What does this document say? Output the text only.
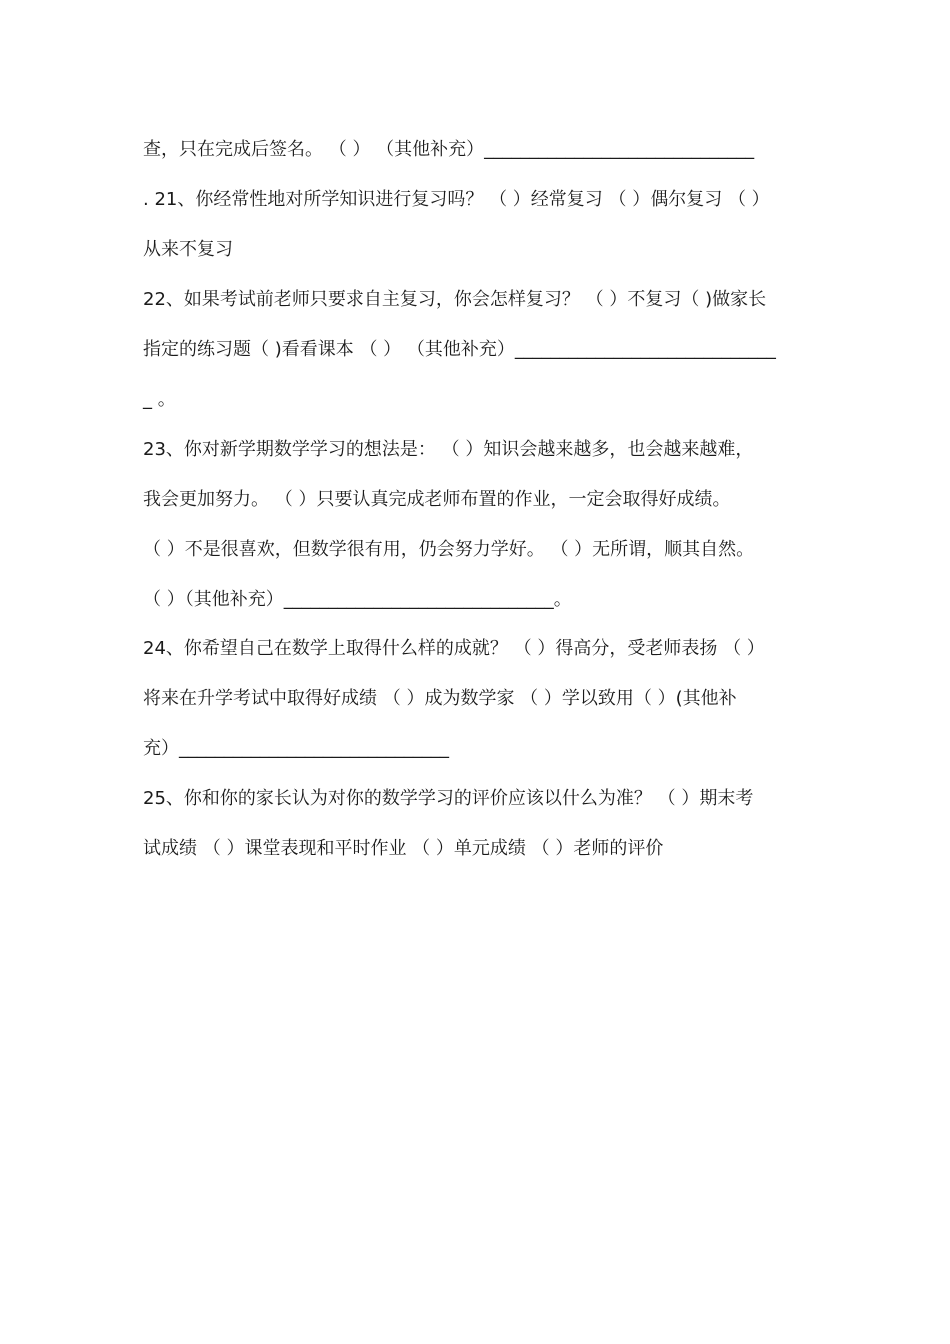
查，只在完成后签名。 （ ） （其他补充）______________________________
. 21、你经常性地对所学知识进行复习吗？ （ ）经常复习 （ ）偶尔复习 （ ）
从来不复习
22、如果考试前老师只要求自主复习，你会怎样复习？ （ ）不复习（ )做家长
指定的练习题（ )看看课本 （ ） （其他补充）_____________________________
_ 。
23、你对新学期数学学习的想法是： （ ）知识会越来越多，也会越来越难，
我会更加努力。 （ ）只要认真完成老师布置的作业，一定会取得好成绩。
（ ）不是很喜欢，但数学很有用，仍会努力学好。 （ ）无所谓，顺其自然。
（ ）（其他补充）______________________________。
24、你希望自己在数学上取得什么样的成就？ （ ）得高分，受老师表扬 （ ）
将来在升学考试中取得好成绩 （ ）成为数学家 （ ）学以致用（ ）(其他补
充）______________________________
25、你和你的家长认为对你的数学学习的评价应该以什么为准？ （ ）期末考
试成绩 （ ）课堂表现和平时作业 （ ）单元成绩 （ ）老师的评价
